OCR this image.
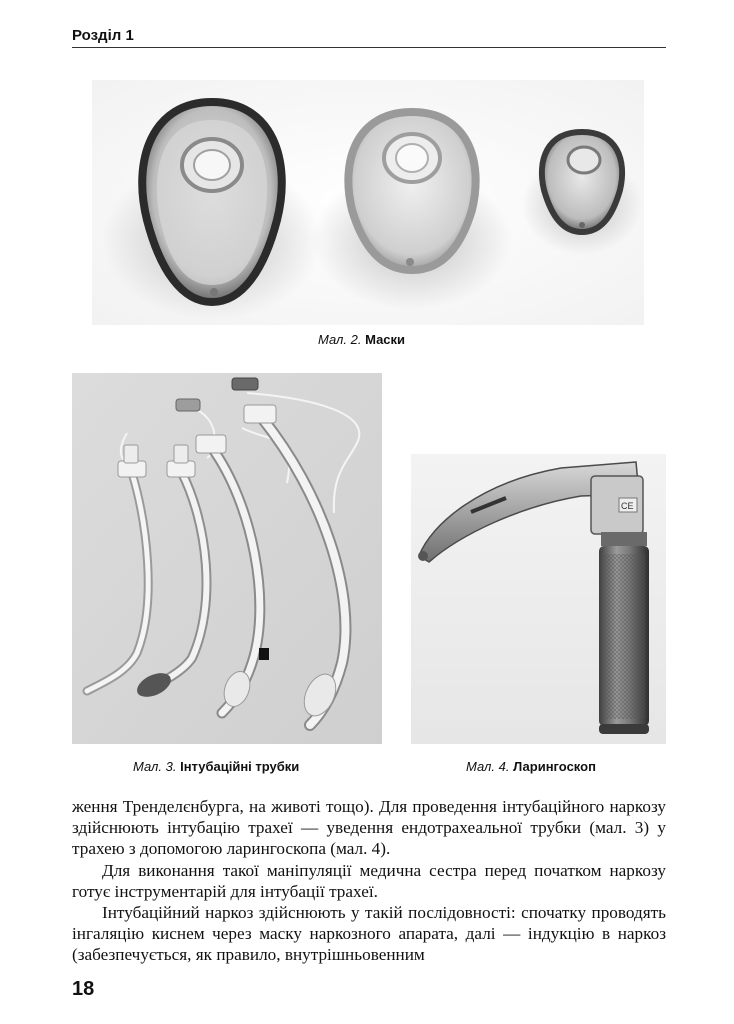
Розділ 1
Мал. 2. Маски
Мал. 3. Інтубаційні трубки
CE
Мал. 4. Ларингоскоп

ження Тренделєнбурга, на животі тощо). Для проведення інтубаційного наркозу здійснюють інтубацію трахеї — уведення ендотрахеальної трубки (мал. 3) у трахею з допомогою ларингоскопа (мал. 4).

Для виконання такої маніпуляції медична сестра перед початком наркозу готує інструментарій для інтубації трахеї.

Інтубаційний наркоз здійснюють у такій послідовності: спочатку проводять інгаляцію киснем через маску наркозного апарата, далі — індукцію в наркоз (забезпечується, як правило, внутрішньовенним

18
